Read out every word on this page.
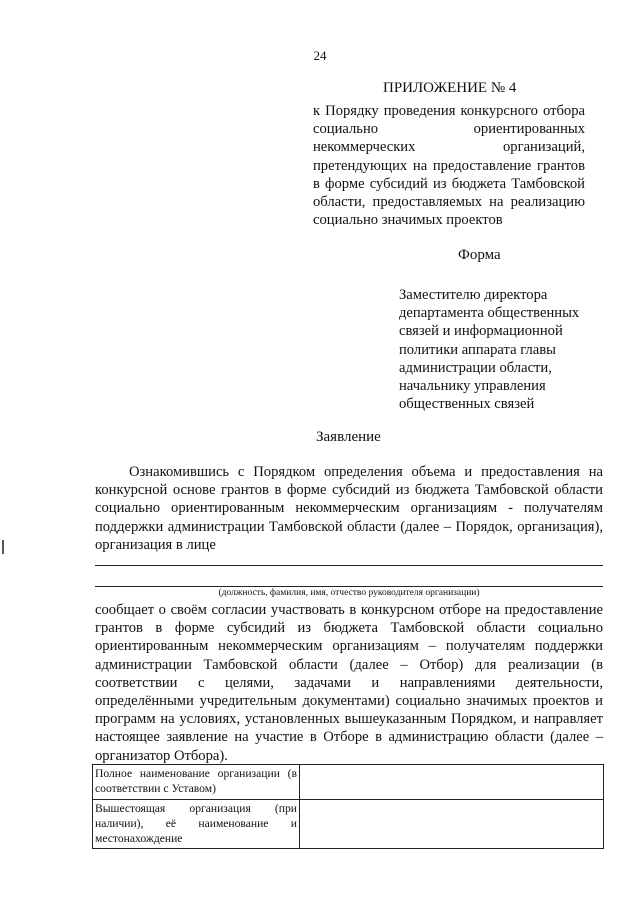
24
ПРИЛОЖЕНИЕ № 4
к Порядку проведения конкурсного отбора социально ориентированных некоммерческих организаций, претендующих на предоставление грантов в форме субсидий из бюджета Тамбовской области, предоставляемых на реализацию социально значимых проектов
Форма
Заместителю директора департамента общественных связей и информационной политики аппарата главы администрации области, начальнику управления общественных связей
Заявление
Ознакомившись с Порядком определения объема и предоставления на конкурсной основе грантов в форме субсидий из бюджета Тамбовской области социально ориентированным некоммерческим организациям - получателям поддержки администрации Тамбовской области (далее – Порядок, организация), организация в лице
(должность, фамилия, имя, отчество руководителя организации)
сообщает о своём согласии участвовать в конкурсном отборе на предоставление грантов в форме субсидий из бюджета Тамбовской области социально ориентированным некоммерческим организациям – получателям поддержки администрации Тамбовской области (далее – Отбор) для реализации (в соответствии с целями, задачами и направлениями деятельности, определёнными учредительным документами) социально значимых проектов и программ на условиях, установленных вышеуказанным Порядком, и направляет настоящее заявление на участие в Отборе в администрацию области (далее – организатор Отбора).
Полное наименование организации (в соответствии с Уставом)	
Вышестоящая организация (при наличии), её наименование и местонахождение	
